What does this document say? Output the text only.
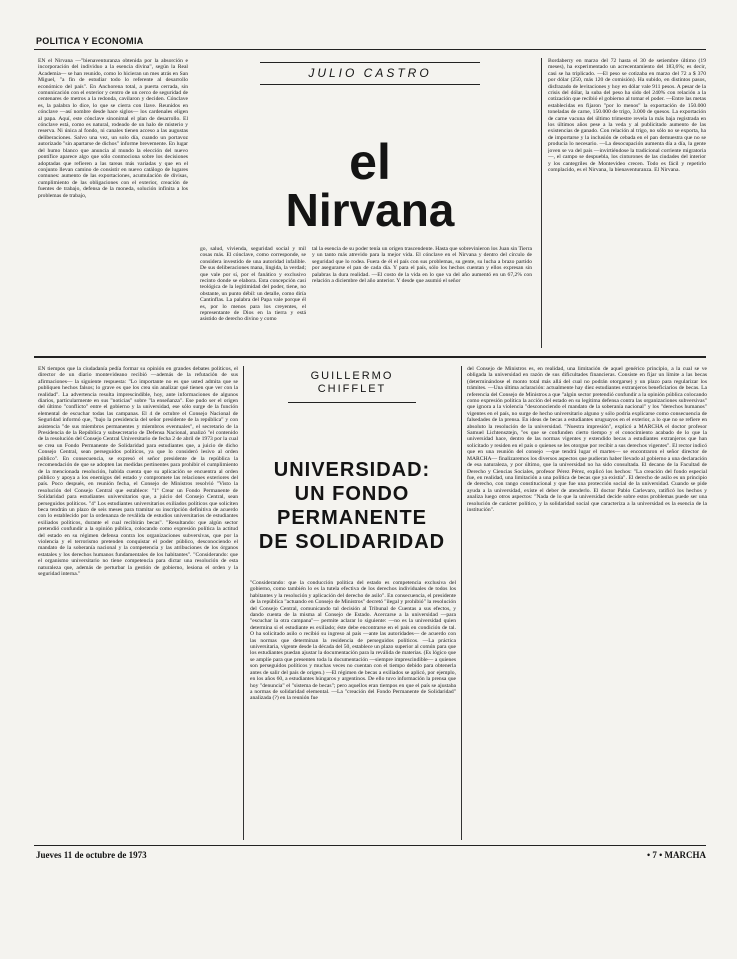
POLITICA Y ECONOMIA
EN el Nirvana —"bienaventuranza obtenida por la absorción e incorporación del individuo a la esencia divina", según la Real Academia— se han reunido, como lo hicieran un mes atrás en San Miguel, "a fin de estudiar todo lo referente al desarrollo económico del país". En Anchorena total, a puerta cerrada, sin comunicación con el exterior y centro de un cerco de seguridad de centenares de metros a la redonda, cavilaron y deciden. Cónclave es, la palabra lo dice, lo que se cierra con llave. Reunidos en cónclave —así nombre desde hace siglos— los cardenales eligen al papa. Aquí, este cónclave sinonimal el plan de desarrollo. El cónclave está, como es natural, rodeado de un halo de misterio y reserva. Ni única al fondo, ni canales tienen acceso a las augustas deliberaciones. Salvo una vez, un solo día, cuando un portavoz autorizado "sin apartarse de dichos" informe brevemente. En lugar del humo blanco que anuncia al mundo la elección del nuevo pontífice aparece algo que sólo conmociona sobre los decisiones adoptadas que refieren a las tareas más variadas y que en el conjunto llevan camino de consistir en nuevo catálogo de lugares comunes: aumento de las exportaciones, acumulación de divisas, cumplimiento de las obligaciones con el exterior, creación de fuentes de trabajo, defensa de la moneda, solución infinita a los problemas de trabajo,
JULIO CASTRO
el
Nirvana
go, salud, vivienda, seguridad social y mil cosas más. El cónclave, como corresponde, se considera investido de una autoridad infalible. De sus deliberaciones mana, lingida, la verdad; que vale por sí, por el fanático y exclusivo recinto donde se elabora. Esta concepción casi teológica de la legitimidad del poder, tiene, no obstante, un punto débil: un detalle, como diría Cantinflas. La palabra del Papa vale porque él es, por lo menos para los creyentes, el representante de Dios en la tierra y está asistido de derecho divino y como
tal la esencia de su poder tenía un origen trascendente. Hasta que sobrevinieron los Juan sin Tierra y un tanto más atrevido para la mejor vida. El cónclave en el Nirvana y dentro del círculo de seguridad que lo rodea. Fuera de él el país con sus problemas, su gente, su lucha a brazo partido por asegurarse el pan de cada día. Y para el país, sólo los hechos cuentan y ellos expresan sin palabras la dura realidad. —El costo de la vida en lo que va del año aumentó en un 67,2% con relación a diciembre del año anterior. Y desde que asumió el señor
Bordaberry en marzo del 72 hasta el 30 de setiembre último (19 meses), ha experimentado un acrecentamiento del 183,6%; es decir, casi se ha triplicado. —El peso se cotizaba en marzo del 72 a $ 370 por dólar (250, más 120 de comisión). Ha subido, en distintos pasos, disfrazado de levitaciones y hoy en dólar vale 911 pesos. A pesar de la crisis del dólar, la suba del peso ha sido del 240% con relación a la cotización que recibió el gobierno al tomar el poder. —Entre las metas establecidas en fijaron "por lo menos" la exportación de 150.000 toneladas de carne, 150.000 de trigo, 3.000 de quesos. La exportación de carne vacuna del último trimestre revela la más baja registrada en los últimos años pese a la veda y al publicitado aumento de las existencias de ganado. Con relación al trigo, no sólo no se exporta, ha de importarse y la inclusión de cebada en el pan demuestra que no se producía lo necesario. —La desocupación aumenta día a día, la gente joven se va del país —invirtiéndose la tradicional corriente migratoria—, el campo se despuebla, los cinturones de las ciudades del interior y los cantegriles de Montevideo crecen. Todo es fácil y repetirlo complacido, es el Nirvana, la bienaventuranza. El Nirvana.
EN tiempos que la ciudadanía pedía formar su opinión en grandes debates políticos, el director de un diario montevideano recibió —además de la refutación de sus afirmaciones— la siguiente respuesta: "Lo importante no es que usted admita que se publiquen hechos falsos; lo grave es que los crea sin analizar qué tienen que ver con la realidad". La advertencia resulta imprescindible, hoy, ante informaciones de algunos diarios, particularmente en sus "noticias" sobre "la enseñanza". Ese pudo ser el origen del último "conflicto" entre el gobierno y la universidad, ese sólo surge de la función elemental de escuchar todas las campanas. El 4 de octubre el Consejo Nacional de Seguridad informó que, "bajo la presidencia del señor presidente de la república" y con asistencia "de sus miembros permanentes y miembros eventuales", el secretario de la Presidencia de la República y subsecretario de Defensa Nacional, analizó "el contenido de la resolución del Consejo Central Universitario de fecha 2 de abril de 1973 por la cual se crea un Fondo Permanente de Solidaridad para estudiantes que, a juicio de dicho Consejo Central, sean perseguidos políticos, ya que lo consideró lesivo al orden público". En consecuencia, se expresó el señor presidente de la república la recomendación de que se adopten las medidas pertinentes para prohibir el cumplimiento de la mencionada resolución, habida cuenta que su aplicación se encuentra al orden público y apoya a los enemigos del estado y compromete las relaciones exteriores del país. Poco después, en reunión fecha, el Consejo de Ministros resolvió "Visto la resolución del Consejo Central que establece: "1º Crear un Fondo Permanente de Solidaridad para estudiantes universitarios que, a juicio del Consejo Central, sean perseguidos políticos. "4º Los estudiantes universitarios exiliados políticos que soliciten beca tendrán un plazo de seis meses para tramitar su inscripción definitiva de acuerdo con lo establecido por la ordenanza de reválida de estudios universitarios de estudiantes exiliados políticos, durante el cual recibirán becas". "Resultando: que algún sector pretendió confundir a la opinión pública, colocando como expresión política la actitud del estado en su régimen defensa contra los organizaciones subversivas, que por la violencia y el terrorismo pretenden conquistar el poder público, desconociendo el mandato de la soberanía nacional y la competencia y las atribuciones de los órganos estatales y los derechos humanos fundamentales de los habitantes". "Considerando: que el organismo universitario no tiene competencia para dictar una resolución de esta naturaleza que, además de perturbar la gestión de gobierno, lesiona el orden y la seguridad interna."
GUILLERMO
CHIFFLET
UNIVERSIDAD:
UN FONDO
PERMANENTE
DE SOLIDARIDAD
"Considerando: que la conducción política del estado es competencia exclusiva del gobierno, como también lo es la tutela efectiva de los derechos individuales de todos los habitantes y la resolución y aplicación del derecho de asilo". En consecuencia, el presidente de la república "actuando en Consejo de Ministros" decretó "ilegal y prohibió" la resolución del Consejo Central, comunicando tal decisión al Tribunal de Cuentas a sus efectos, y dando cuenta de la misma al Consejo de Estado. Acercarse a la universidad —para "escuchar la otra campana"— permite aclarar lo siguiente: —no es la universidad quien determina si el estudiante es exiliado; éste debe encontrarse en el país en condición de tal. O ha solicitado asilo o recibió su ingreso al país —ante las autoridades— de acuerdo con las normas que determinan la residencia de perseguidos políticos. —La práctica universitaria, vigente desde la década del 50, establece un plazo superior al común para que los estudiantes puedan ajustar la documentación para la reválida de materias. (Es lógico que se amplíe para que presenten toda la documentación —siempre imprescindible— a quienes son perseguidos políticos y muchas veces no cuentan con el tiempo debido para obtenerla antes de salir del país de origen.) —El régimen de becas a exiliados se aplicó, por ejemplo, en los años 60, a estudiantes húngaros y argentinos. De ello tuvo información la prensa que hoy "denuncia" el "sistema de becas"; pero aquellos eran tiempos en que el país se ajustaba a normas de solidaridad elemental. —La "creación del Fondo Permanente de Solidaridad" analizada (?) en la reunión fue
del Consejo de Ministros es, en realidad, una limitación de aquel genérico principio, a la cual se ve obligada la universidad en razón de sus dificultades financieras. Consiste en fijar un límite a las becas (determinándose el monto total más allá del cual no podrán otorgarse) y un plazo para regularizar los trámites. —Una última aclaración: actualmente hay diez estudiantes extranjeros beneficiarios de becas. La referencia del Consejo de Ministros a que "algún sector pretendió confundir a la opinión pública colocando como expresión política la acción del estado en su legítima defensa contra las organizaciones subversivas" que ignora a la violencia "desconociendo el mandato de la soberanía nacional" y los "derechos humanos" vigentes en el país, no surge de hecho universitario alguno y sólo podría explicarse como consecuencia de falsedades de la prensa. En ideas de becas a estudiantes uruguayos en el exterior, a lo que no se refiere en absoluto la resolución de la universidad. "Nuestra impresión", explicó a MARCHA el doctor profesor Samuel Lichtensztejn, "es que se confunden cierto tiempo y el conocimiento acabado de lo que la universidad hace, dentro de las normas vigentes y extendido becas a estudiantes extranjeros que han solicitado y residen en el país o quienes se les otorgue por recibir a sus derechos vigentes". El rector indicó que en una reunión del consejo —que tendrá lugar el martes— se encontraron el señor director de MARCHA— finalizaremos los diversos aspectos que pudieran haber llevado al gobierno a una declaración de esa naturaleza, y por último, que la universidad no ha sido consultada. El decano de la Facultad de Derecho y Ciencias Sociales, profesor Pérez Pérez, explicó los hechos: "La creación del fondo especial fue, en realidad, una limitación a una política de becas que ya existía". El derecho de asilo es un principio de derecho, con rango constitucional y que fue una protección social de la universidad. Cuando se pide ayuda a la universidad, existe el deber de atenderlo. El doctor Pablo Carlevaro, ratificó los hechos y analiza luego otros aspectos: "Nada de lo que la universidad decide sobre estos problemas puede ser una resolución de carácter político, y la solidaridad social que caracteriza a la universidad es la esencia de la institución".
Jueves 11 de octubre de 1973	• 7 • MARCHA
